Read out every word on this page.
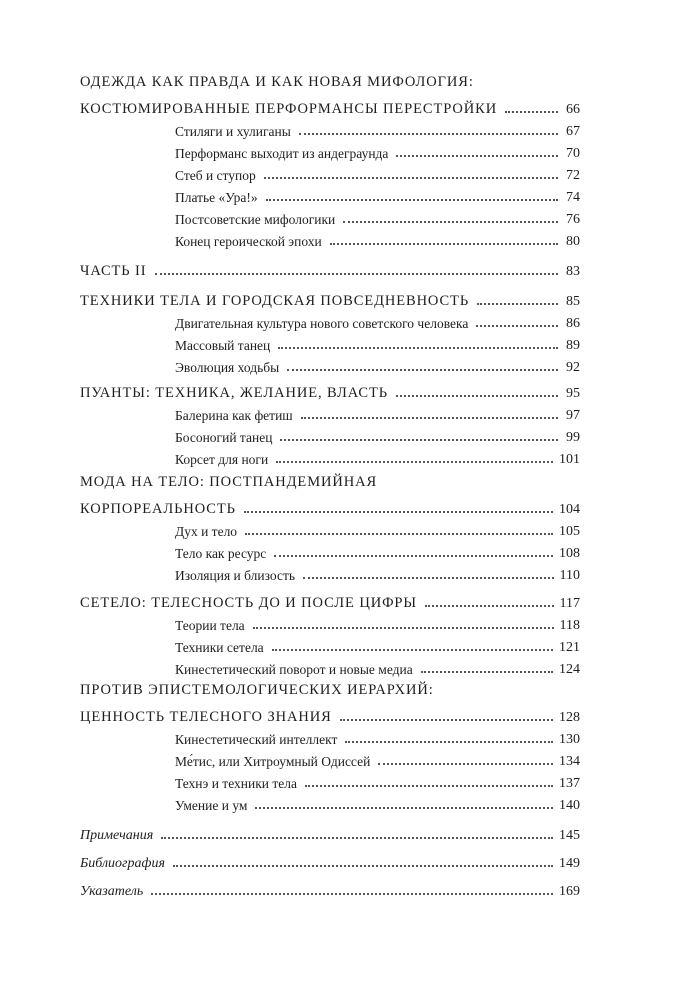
ОДЕЖДА КАК ПРАВДА И КАК НОВАЯ МИФОЛОГИЯ:
КОСТЮМИРОВАННЫЕ ПЕРФОРМАНСЫ ПЕРЕСТРОЙКИ	66
Стиляги и хулиганы	67
Перформанс выходит из андеграунда	70
Стеб и ступор	72
Платье «Ура!»	74
Постсоветские мифологики	76
Конец героической эпохи	80
ЧАСТЬ II	83
ТЕХНИКИ ТЕЛА И ГОРОДСКАЯ ПОВСЕДНЕВНОСТЬ	85
Двигательная культура нового советского человека	86
Массовый танец	89
Эволюция ходьбы	92
ПУАНТЫ: ТЕХНИКА, ЖЕЛАНИЕ, ВЛАСТЬ	95
Балерина как фетиш	97
Босоногий танец	99
Корсет для ноги	101
МОДА НА ТЕЛО: ПОСТПАНДЕМИЙНАЯ
КОРПОРЕАЛЬНОСТЬ	104
Дух и тело	105
Тело как ресурс	108
Изоляция и близость	110
СЕТЕЛО: ТЕЛЕСНОСТЬ ДО И ПОСЛЕ ЦИФРЫ	117
Теории тела	118
Техники сетела	121
Кинестетический поворот и новые медиа	124
ПРОТИВ ЭПИСТЕМОЛОГИЧЕСКИХ ИЕРАРХИЙ:
ЦЕННОСТЬ ТЕЛЕСНОГО ЗНАНИЯ	128
Кинестетический интеллект	130
Ме́тис, или Хитроумный Одиссей	134
Технэ и техники тела	137
Умение и ум	140
Примечания	145
Библиография	149
Указатель	169
